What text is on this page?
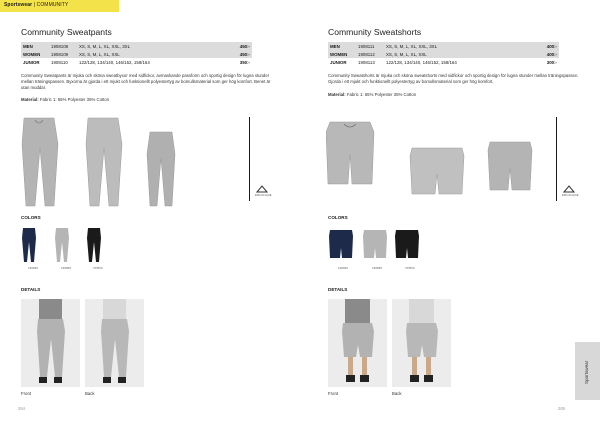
Sportswear | COMMUNITY
Community Sweatpants
MEN	1908108	XS, S, M, L, XL, XXL, 3XL	450:-
WOMEN	1908109	XS, S, M, L, XL, XXL	450:-
JUNIOR	1908110	122/128, 134/140, 146/152, 158/164	350:-
Community Sweatpants är mjuka och sköna sweatbyxor med sidfickor, avmaskande passform och sportig design för lugna stunder mellan träningspassen. Byxorna är gjorda i ett mjukt och funktionellt polyestertyg av bomullsmaterial som ger hög komfort. Benet är utan muddar.
Material: Fabric 1: 65% Polyester 35% Cotton
EPIC/CLIQUE
COLORS
190830	190895	PP800
DETAILS
Front	Back
264
Community Sweatshorts
MEN	1908111	XS, S, M, L, XL, XXL, 3XL	400:-
WOMEN	1908112	XS, S, M, L, XL, XXL	400:-
JUNIOR	1908113	122/128, 134/140, 146/152, 158/164	300:-
Community Sweatshorts är mjuka och sköna sweatshorts med sidfickor och sportig design för lugna stunder mellan träningspassen. Gjorda i ett mjukt och funktionellt polyestertyg av bomullsmaterial som ger hög komfort.
Material: Fabric 1: 65% Polyester 35% Cotton
EPIC/CLIQUE
COLORS
190830	190895	PP800
DETAILS
Front	Back
265
Sportswear
